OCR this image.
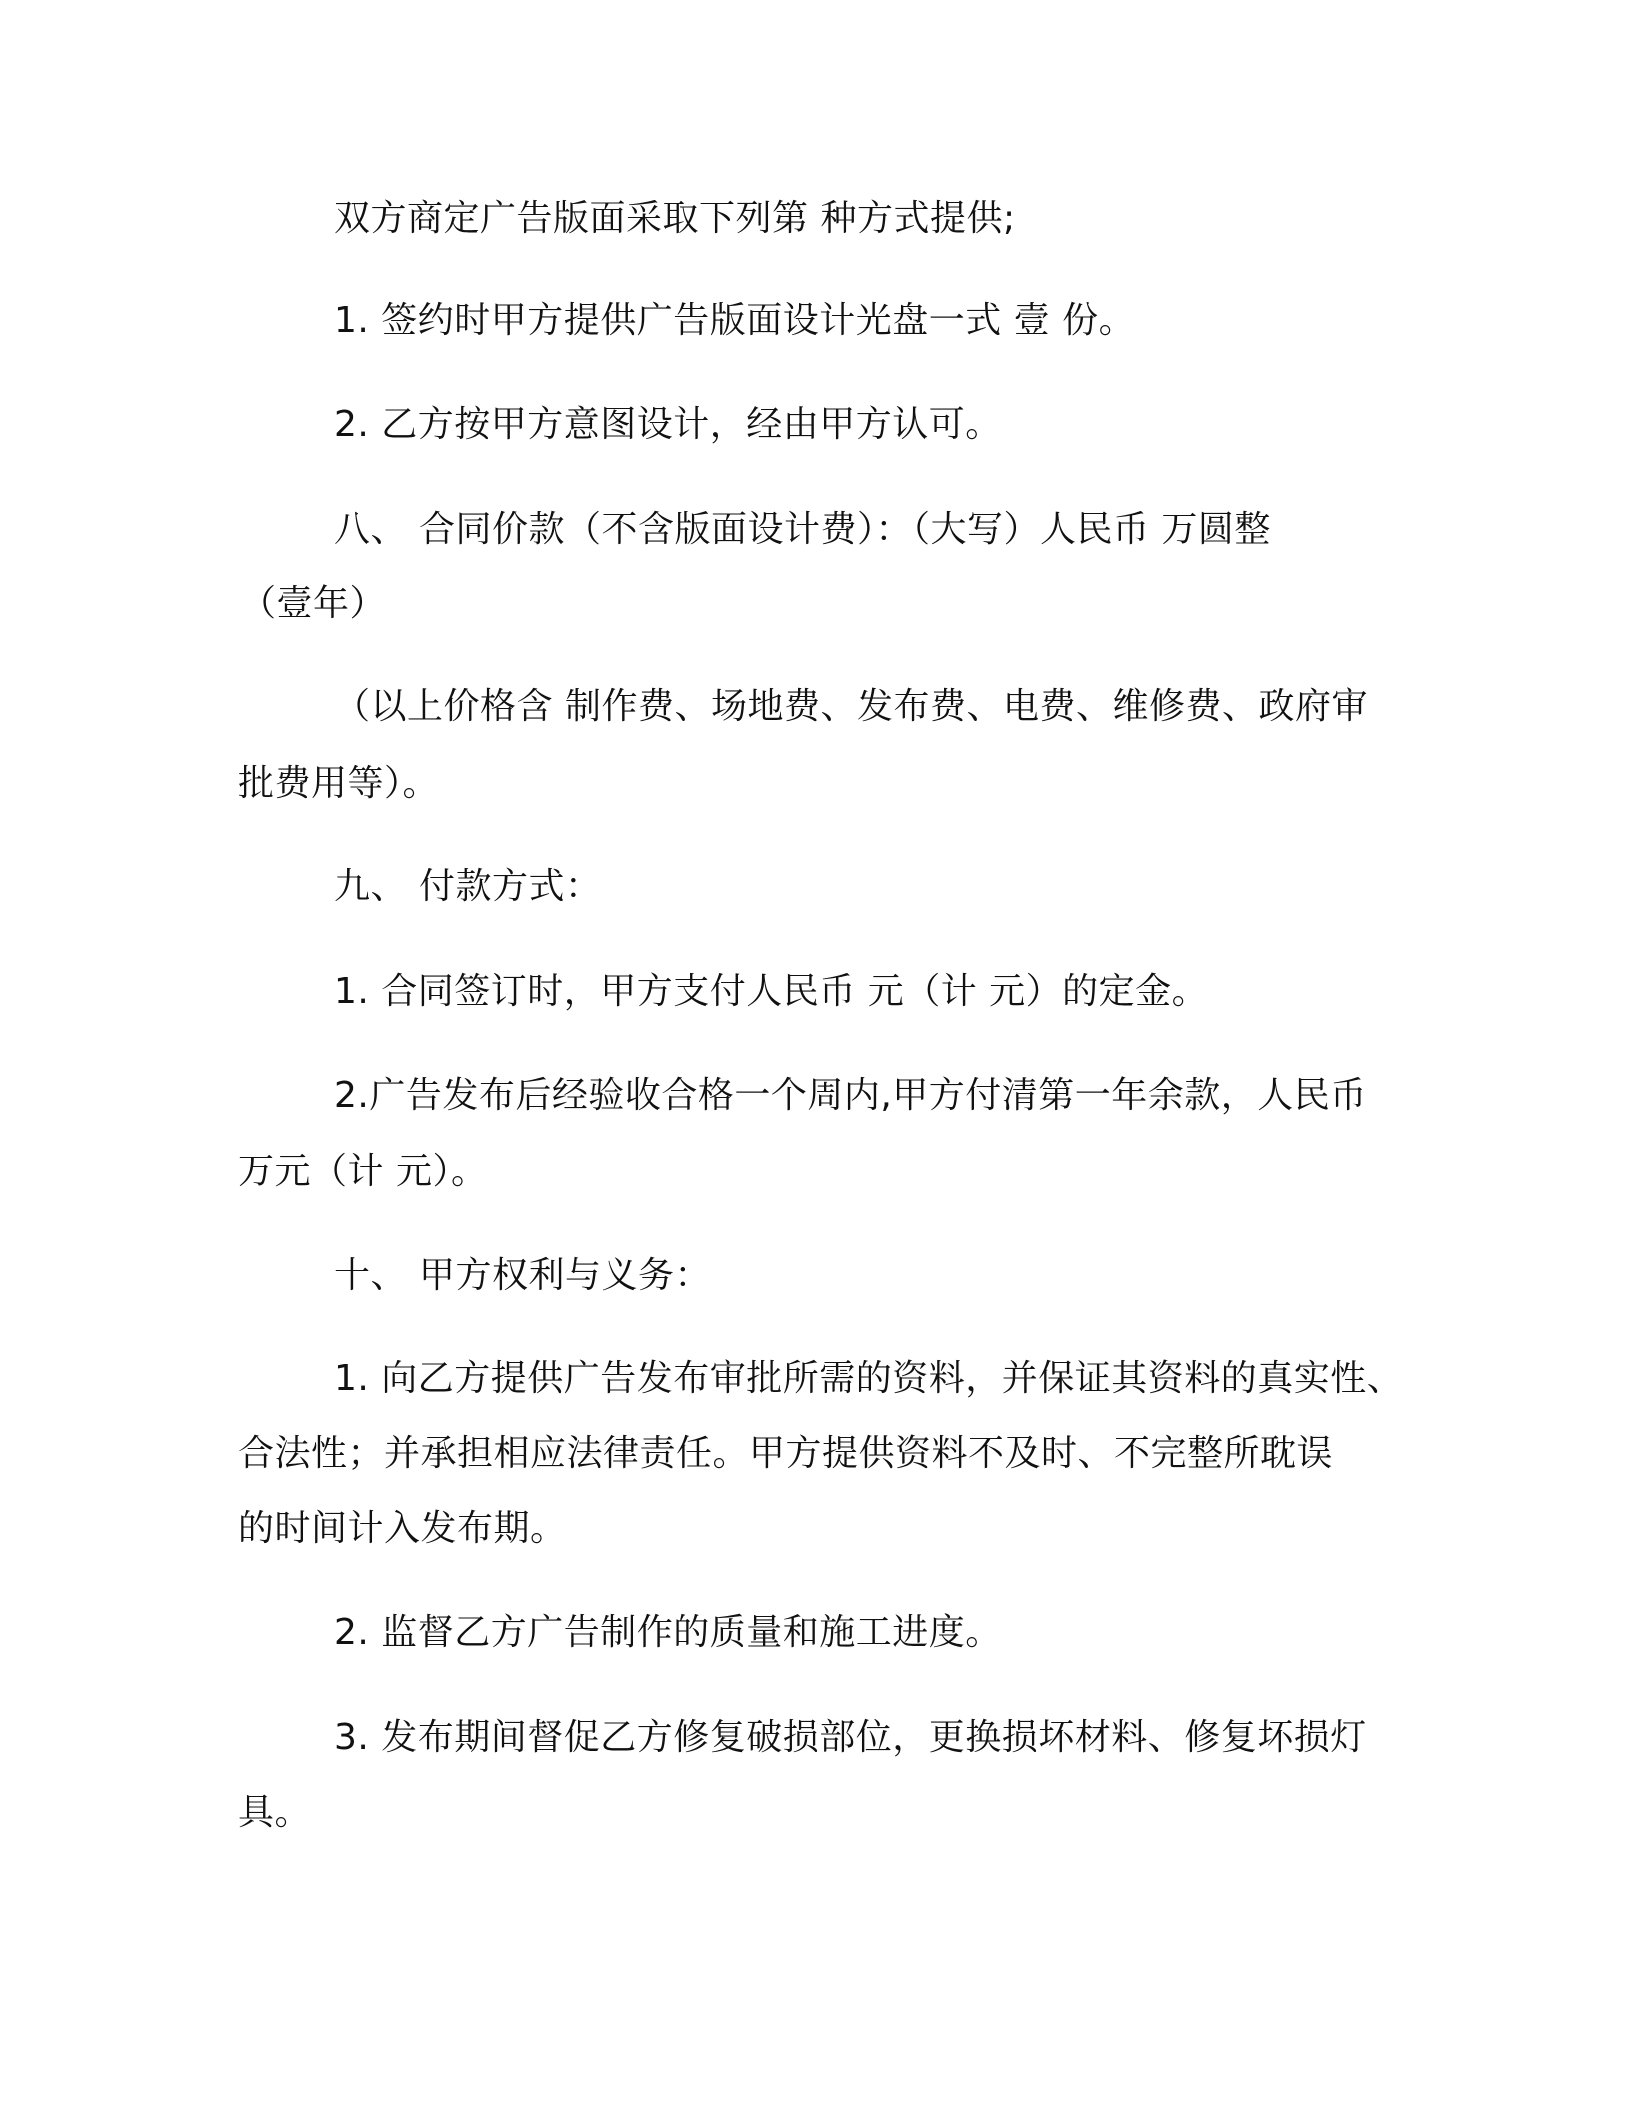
双方商定广告版面采取下列第 种方式提供;
1. 签约时甲方提供广告版面设计光盘一式 壹 份。
2. 乙方按甲方意图设计，经由甲方认可。
八、 合同价款（不含版面设计费）：（大写）人民币 万圆整
（壹年）
（以上价格含 制作费、场地费、发布费、电费、维修费、政府审
批费用等）。
九、 付款方式：
1. 合同签订时，甲方支付人民币 元（计 元）的定金。
2.广告发布后经验收合格一个周内,甲方付清第一年余款，人民币
万元（计 元）。
十、 甲方权利与义务：
1. 向乙方提供广告发布审批所需的资料，并保证其资料的真实性、
合法性；并承担相应法律责任。甲方提供资料不及时、不完整所耽误
的时间计入发布期。
2. 监督乙方广告制作的质量和施工进度。
3. 发布期间督促乙方修复破损部位，更换损坏材料、修复坏损灯
具。
